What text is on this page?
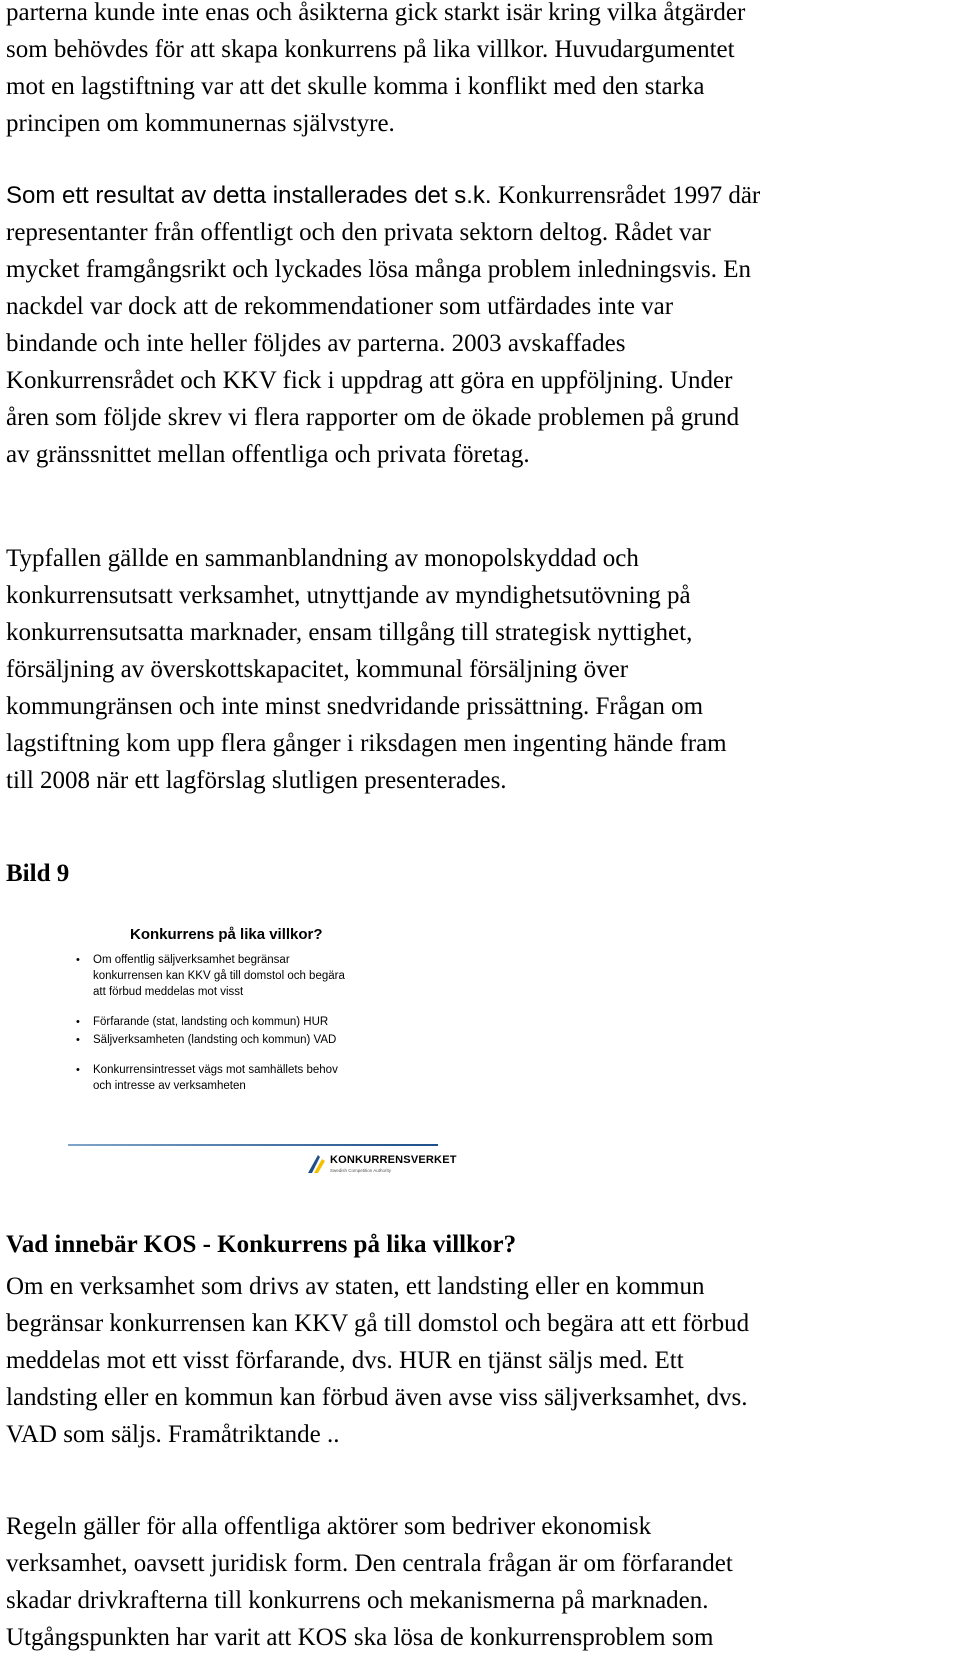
parterna kunde inte enas och åsikterna gick starkt isär kring vilka åtgärder
som behövdes för att skapa konkurrens på lika villkor. Huvudargumentet
mot en lagstiftning var att det skulle komma i konflikt med den starka
principen om kommunernas självstyre.
Som ett resultat av detta installerades det s.k. Konkurrensrådet 1997 där
representanter från offentligt och den privata sektorn deltog. Rådet var
mycket framgångsrikt och lyckades lösa många problem inledningsvis. En
nackdel var dock att de rekommendationer som utfärdades inte var
bindande och inte heller följdes av parterna. 2003 avskaffades
Konkurrensrådet och KKV fick i uppdrag att göra en uppföljning. Under
åren som följde skrev vi flera rapporter om de ökade problemen på grund
av gränssnittet mellan offentliga och privata företag.
Typfallen gällde en sammanblandning av monopolskyddad och
konkurrensutsatt verksamhet, utnyttjande av myndighetsutövning på
konkurrensutsatta marknader, ensam tillgång till strategisk nyttighet,
försäljning av överskottskapacitet, kommunal försäljning över
kommungränsen och inte minst snedvridande prissättning. Frågan om
lagstiftning kom upp flera gånger i riksdagen men ingenting hände fram
till 2008 när ett lagförslag slutligen presenterades.
Bild 9
Konkurrens på lika villkor?
• Om offentlig säljverksamhet begränsar
konkurrensen kan KKV gå till domstol och begära
att förbud meddelas mot visst
• Förfarande (stat, landsting och kommun) HUR
• Säljverksamheten (landsting och kommun) VAD
• Konkurrensintresset vägs mot samhällets behov
och intresse av verksamheten
KONKURRENSVERKET
Swedish Competition Authority
Vad innebär KOS - Konkurrens på lika villkor?
Om en verksamhet som drivs av staten, ett landsting eller en kommun
begränsar konkurrensen kan KKV gå till domstol och begära att ett förbud
meddelas mot ett visst förfarande, dvs. HUR en tjänst säljs med. Ett
landsting eller en kommun kan förbud även avse viss säljverksamhet, dvs.
VAD som säljs. Framåtriktande ..
Regeln gäller för alla offentliga aktörer som bedriver ekonomisk
verksamhet, oavsett juridisk form. Den centrala frågan är om förfarandet
skadar drivkrafterna till konkurrens och mekanismerna på marknaden.
Utgångspunkten har varit att KOS ska lösa de konkurrensproblem som
